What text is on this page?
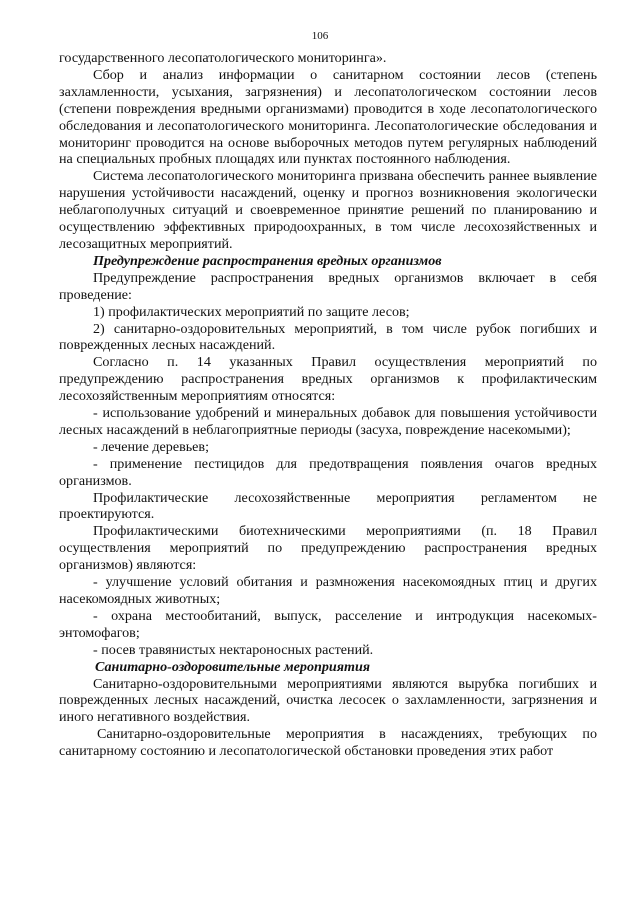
106

государственного лесопатологического мониторинга».

Сбор и анализ информации о санитарном состоянии лесов (степень захламленности, усыхания, загрязнения) и лесопатологическом состоянии лесов (степени повреждения вредными организмами) проводится в ходе лесопатологического обследования и лесопатологического мониторинга. Лесопатологические обследования и мониторинг проводится на основе выборочных методов путем регулярных наблюдений на специальных пробных площадях или пунктах постоянного наблюдения.

Система лесопатологического мониторинга призвана обеспечить раннее выявление нарушения устойчивости насаждений, оценку и прогноз возникновения экологически неблагополучных ситуаций и своевременное принятие решений по планированию и осуществлению эффективных природоохранных, в том числе лесохозяйственных и лесозащитных мероприятий.

Предупреждение распространения вредных организмов

Предупреждение распространения вредных организмов включает в себя проведение:

1) профилактических мероприятий по защите лесов;

2) санитарно-оздоровительных мероприятий, в том числе рубок погибших и поврежденных лесных насаждений.

Согласно п. 14 указанных Правил осуществления мероприятий по предупреждению распространения вредных организмов к профилактическим лесохозяйственным мероприятиям относятся:

- использование удобрений и минеральных добавок для повышения устойчивости лесных насаждений в неблагоприятные периоды (засуха, повреждение насекомыми);

- лечение деревьев;

- применение пестицидов для предотвращения появления очагов вредных организмов.

Профилактические лесохозяйственные мероприятия регламентом не проектируются.

Профилактическими биотехническими мероприятиями (п. 18 Правил осуществления мероприятий по предупреждению распространения вредных организмов) являются:

- улучшение условий обитания и размножения насекомоядных птиц и других насекомоядных животных;

- охрана местообитаний, выпуск, расселение и интродукция насекомых-энтомофагов;

- посев травянистых нектароносных растений.

Санитарно-оздоровительные мероприятия

Санитарно-оздоровительными мероприятиями являются вырубка погибших и поврежденных лесных насаждений, очистка лесосек о захламленности, загрязнения и иного негативного воздействия.

Санитарно-оздоровительные мероприятия в насаждениях, требующих по санитарному состоянию и лесопатологической обстановки проведения этих работ
